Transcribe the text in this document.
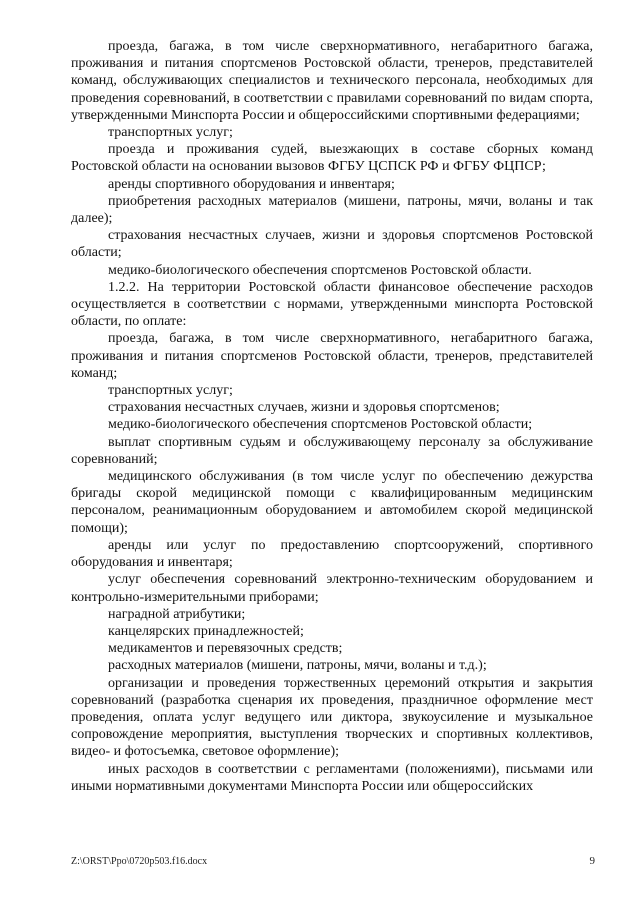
проезда, багажа, в том числе сверхнормативного, негабаритного багажа, проживания и питания спортсменов Ростовской области, тренеров, представителей команд, обслуживающих специалистов и технического персонала, необходимых для проведения соревнований, в соответствии с правилами соревнований по видам спорта, утвержденными Минспорта России и общероссийскими спортивными федерациями;

транспортных услуг;

проезда и проживания судей, выезжающих в составе сборных команд Ростовской области на основании вызовов ФГБУ ЦСПСК РФ и ФГБУ ФЦПСР;

аренды спортивного оборудования и инвентаря;

приобретения расходных материалов (мишени, патроны, мячи, воланы и так далее);

страхования несчастных случаев, жизни и здоровья спортсменов Ростовской области;

медико-биологического обеспечения спортсменов Ростовской области.

1.2.2. На территории Ростовской области финансовое обеспечение расходов осуществляется в соответствии с нормами, утвержденными минспорта Ростовской области, по оплате:

проезда, багажа, в том числе сверхнормативного, негабаритного багажа, проживания и питания спортсменов Ростовской области, тренеров, представителей команд;

транспортных услуг;

страхования несчастных случаев, жизни и здоровья спортсменов;

медико-биологического обеспечения спортсменов Ростовской области;

выплат спортивным судьям и обслуживающему персоналу за обслуживание соревнований;

медицинского обслуживания (в том числе услуг по обеспечению дежурства бригады скорой медицинской помощи с квалифицированным медицинским персоналом, реанимационным оборудованием и автомобилем скорой медицинской помощи);

аренды или услуг по предоставлению спортсооружений, спортивного оборудования и инвентаря;

услуг обеспечения соревнований электронно-техническим оборудованием и контрольно-измерительными приборами;

наградной атрибутики;

канцелярских принадлежностей;

медикаментов и перевязочных средств;

расходных материалов (мишени, патроны, мячи, воланы и т.д.);

организации и проведения торжественных церемоний открытия и закрытия соревнований (разработка сценария их проведения, праздничное оформление мест проведения, оплата услуг ведущего или диктора, звукоусиление и музыкальное сопровождение мероприятия, выступления творческих и спортивных коллективов, видео- и фотосъемка, световое оформление);

иных расходов в соответствии с регламентами (положениями), письмами или иными нормативными документами Минспорта России или общероссийских

Z:\ORST\Ppo\0720p503.f16.docx	9
